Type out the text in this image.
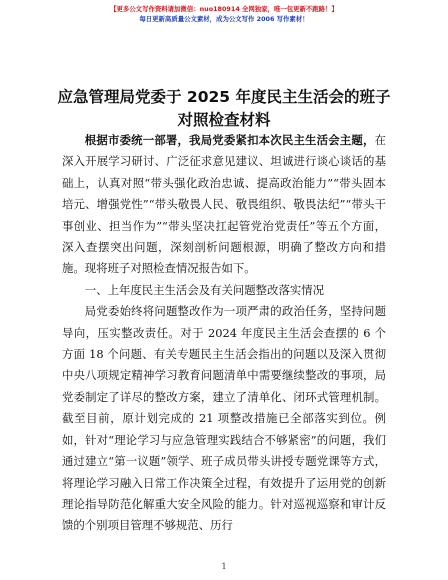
【更多公文写作资料请加微信：nuo180914 全网独家，唯一包更新不跑路！】
每日更新高质量公文素材，成为公文写作 2006 写作素材！
应急管理局党委于 2025 年度民主生活会的班子对照检查材料

根据市委统一部署，我局党委紧扣本次民主生活会主题，在深入开展学习研讨、广泛征求意见建议、坦诚进行谈心谈话的基础上，认真对照“带头强化政治忠诚、提高政治能力”“带头固本培元、增强党性”“带头敬畏人民、敬畏组织、敬畏法纪”“带头干事创业、担当作为”“带头坚决扛起管党治党责任”等五个方面，深入查摆突出问题，深刻剖析问题根源，明确了整改方向和措施。现将班子对照检查情况报告如下。

一、上年度民主生活会及有关问题整改落实情况

局党委始终将问题整改作为一项严肃的政治任务，坚持问题导向，压实整改责任。对于 2024 年度民主生活会查摆的 6 个方面 18 个问题、有关专题民主生活会指出的问题以及深入贯彻中央八项规定精神学习教育问题清单中需要继续整改的事项，局党委制定了详尽的整改方案，建立了清单化、闭环式管理机制。截至目前，原计划完成的 21 项整改措施已全部落实到位。例如，针对“理论学习与应急管理实践结合不够紧密”的问题，我们通过建立“第一议题”领学、班子成员带头讲授专题党课等方式，将理论学习融入日常工作决策全过程，有效提升了运用党的创新理论指导防范化解重大安全风险的能力。针对巡视巡察和审计反馈的个别项目管理不够规范、历行

1
